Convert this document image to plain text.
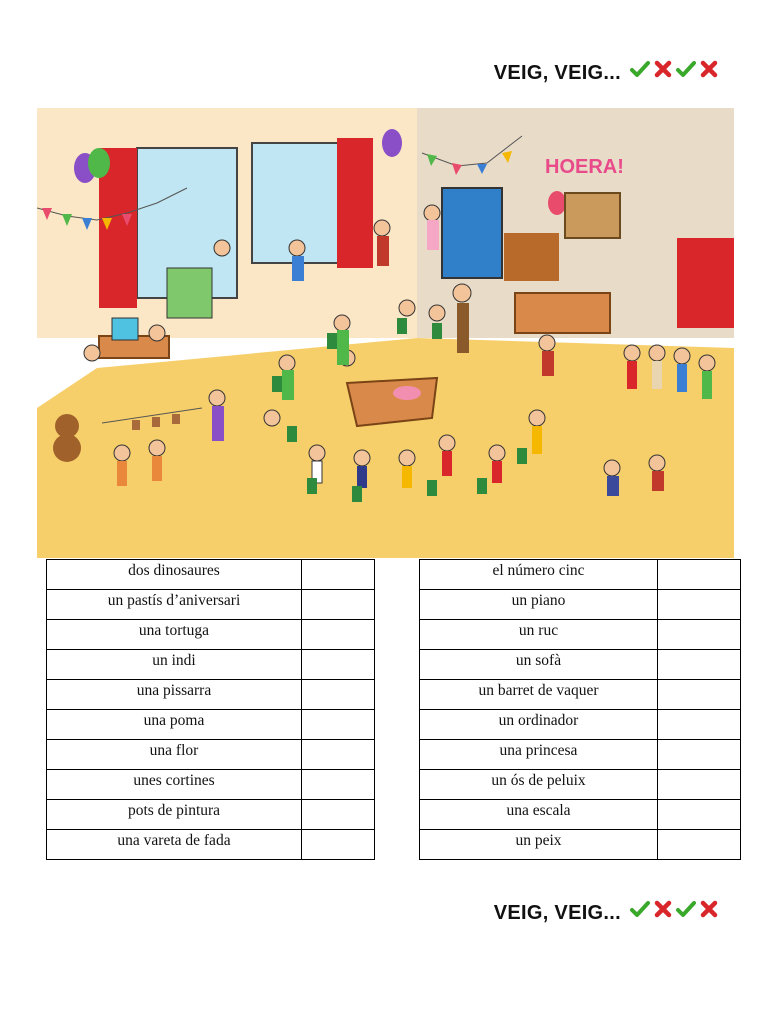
VEIG, VEIG...
HOERA!
dos dinosaures	
un pastís d’aniversari	
una tortuga	
un indi	
una pissarra	
una poma	
una flor	
unes cortines	
pots de pintura	
una vareta de fada	
el número cinc	
un piano	
un ruc	
un sofà	
un barret de vaquer	
un ordinador	
una princesa	
un ós de peluix	
una escala	
un peix	
VEIG, VEIG...
